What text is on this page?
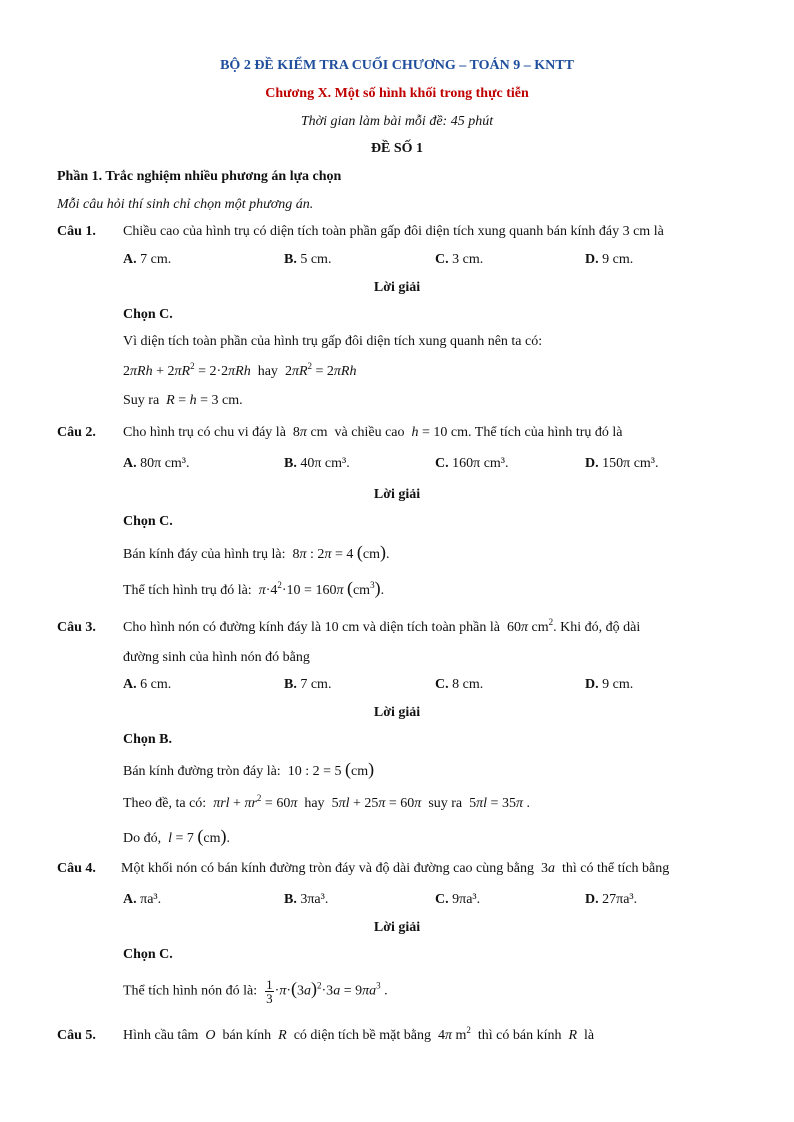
BỘ 2 ĐỀ KIỂM TRA CUỐI CHƯƠNG – TOÁN 9 – KNTT
Chương X. Một số hình khối trong thực tiễn
Thời gian làm bài mỗi đề: 45 phút
ĐỀ SỐ 1
Phần 1. Trắc nghiệm nhiều phương án lựa chọn
Mỗi câu hỏi thí sinh chỉ chọn một phương án.
Câu 1. Chiều cao của hình trụ có diện tích toàn phần gấp đôi diện tích xung quanh bán kính đáy 3 cm là
A. 7 cm.	B. 5 cm.	C. 3 cm.	D. 9 cm.
Lời giải
Chọn C.
Vì diện tích toàn phần của hình trụ gấp đôi diện tích xung quanh nên ta có:
$2\pi Rh + 2\pi R^2 = 2\cdot 2\pi Rh$ hay $2\pi R^2 = 2\pi Rh$
Suy ra R = h = 3 cm.
Câu 2. Cho hình trụ có chu vi đáy là  8π cm  và chiều cao h = 10 cm. Thể tích của hình trụ đó là
A. 80π cm³.	B. 40π cm³.	C. 160π cm³.	D. 150π cm³.
Lời giải
Chọn C.
Bán kính đáy của hình trụ là:  8π : 2π = 4 (cm).
Thể tích hình trụ đó là: $\pi\cdot 4^2\cdot 10 = 160\pi$ $(cm^3)$.
Câu 3. Cho hình nón có đường kính đáy là 10 cm và diện tích toàn phần là  60π $cm^2$. Khi đó, độ dài
đường sinh của hình nón đó bằng
A. 6 cm.	B. 7 cm.	C. 8 cm.	D. 9 cm.
Lời giải
Chọn B.
Bán kính đường tròn đáy là:  10 : 2 = 5 (cm)
Theo đề, ta có: $\pi rl + \pi r^2 = 60\pi$ hay  5πl + 25π = 60π suy ra  5πl = 35π .
Do đó, l = 7 (cm).
Câu 4. Một khối nón có bán kính đường tròn đáy và độ dài đường cao cùng bằng  3a thì có thể tích bằng
A. πa³.	B. 3πa³.	C. 9πa³.	D. 27πa³.
Lời giải
Chọn C.
Thể tích hình nón đó là: $\frac{1}{3} \cdot\pi\cdot(3a)^2\cdot 3a = 9\pi a^3$ .
Câu 5. Hình cầu tâm O bán kính R có diện tích bề mặt bằng  4π $m^2$ thì có bán kính R là
